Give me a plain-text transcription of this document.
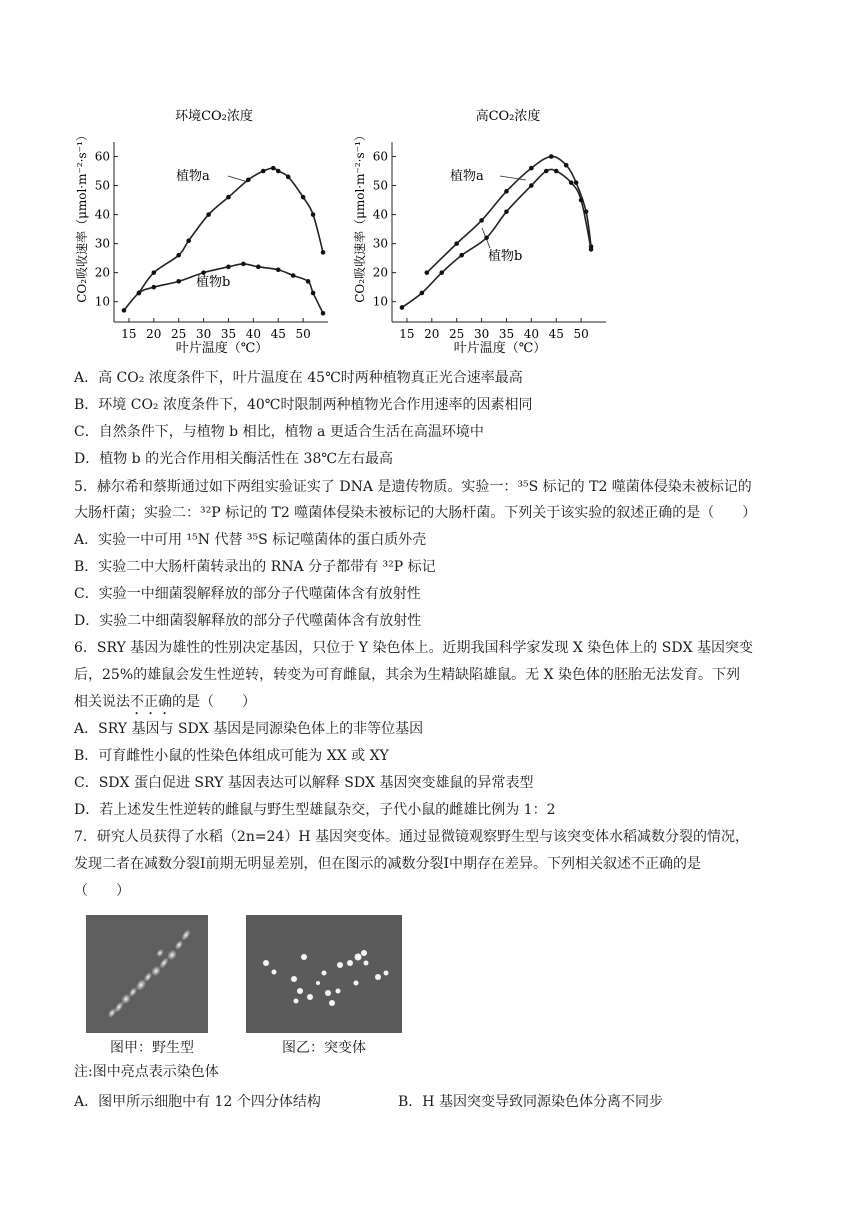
环境CO₂浓度
CO₂吸收速率（μmol·m⁻²·s⁻¹） 10
20
30
40
50
60
15 20 25 30 35 40 45 50
叶片温度（℃）
植物a
植物b
高CO₂浓度
CO₂吸收速率（μmol·m⁻²·s⁻¹） 10
20
30
40
50
60
15 20 25 30 35 40 45 50
叶片温度（℃）
植物a
植物b
A．高 CO₂ 浓度条件下，叶片温度在 45℃时两种植物真正光合速率最高
B．环境 CO₂ 浓度条件下，40℃时限制两种植物光合作用速率的因素相同
C．自然条件下，与植物 b 相比，植物 a 更适合生活在高温环境中
D．植物 b 的光合作用相关酶活性在 38℃左右最高
5．赫尔希和蔡斯通过如下两组实验证实了 DNA 是遗传物质。实验一：³⁵S 标记的 T2 噬菌体侵染未被标记的
大肠杆菌；实验二：³²P 标记的 T2 噬菌体侵染未被标记的大肠杆菌。下列关于该实验的叙述正确的是（　　）
A．实验一中可用 ¹⁵N 代替 ³⁵S 标记噬菌体的蛋白质外壳
B．实验二中大肠杆菌转录出的 RNA 分子都带有 ³²P 标记
C．实验一中细菌裂解释放的部分子代噬菌体含有放射性
D．实验二中细菌裂解释放的部分子代噬菌体含有放射性
6．SRY 基因为雄性的性别决定基因，只位于 Y 染色体上。近期我国科学家发现 X 染色体上的 SDX 基因突变
后，25%的雄鼠会发生性逆转，转变为可育雌鼠，其余为生精缺陷雄鼠。无 X 染色体的胚胎无法发育。下列
相关说法不正确的是（　　）
A．SRY 基因与 SDX 基因是同源染色体上的非等位基因
B．可育雌性小鼠的性染色体组成可能为 XX 或 XY
C．SDX 蛋白促进 SRY 基因表达可以解释 SDX 基因突变雄鼠的异常表型
D．若上述发生性逆转的雌鼠与野生型雄鼠杂交，子代小鼠的雌雄比例为 1：2
7．研究人员获得了水稻（2n=24）H 基因突变体。通过显微镜观察野生型与该突变体水稻减数分裂的情况，
发现二者在减数分裂Ⅰ前期无明显差别，但在图示的减数分裂Ⅰ中期存在差异。下列相关叙述不正确的是
（　　）
图甲：野生型	图乙：突变体
注:图中亮点表示染色体
A．图甲所示细胞中有 12 个四分体结构	B．H 基因突变导致同源染色体分离不同步
